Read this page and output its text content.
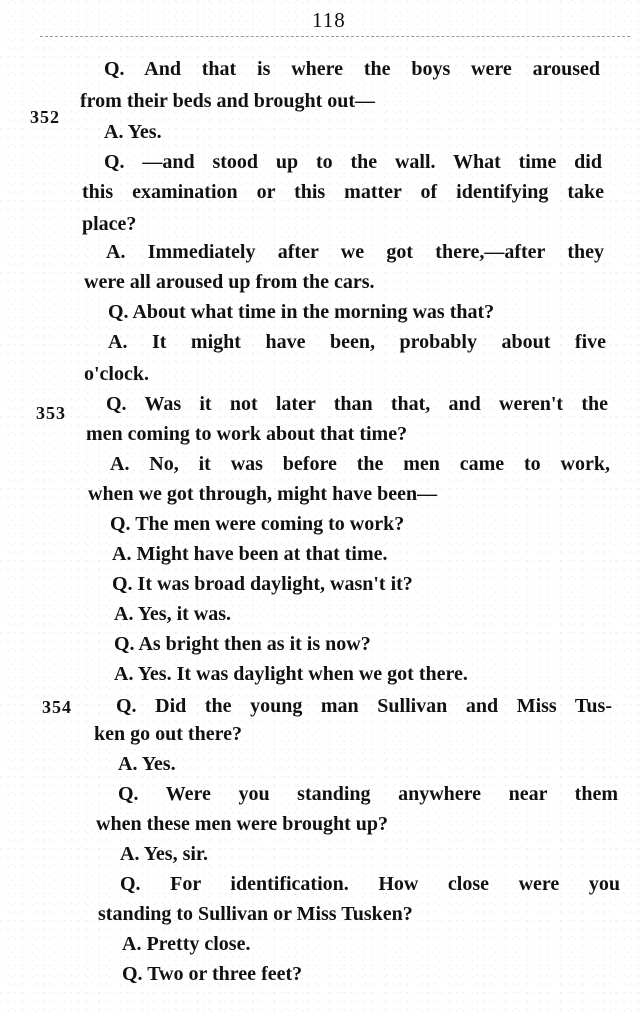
118
352
353
354
Q. And that is where the boys were aroused
from their beds and brought out—
A. Yes.
Q. —and stood up to the wall. What time did
this examination or this matter of identifying take
place?
A. Immediately after we got there,—after they
were all aroused up from the cars.
Q. About what time in the morning was that?
A. It might have been, probably about five
o'clock.
Q. Was it not later than that, and weren't the
men coming to work about that time?
A. No, it was before the men came to work,
when we got through, might have been—
Q. The men were coming to work?
A. Might have been at that time.
Q. It was broad daylight, wasn't it?
A. Yes, it was.
Q. As bright then as it is now?
A. Yes. It was daylight when we got there.
Q. Did the young man Sullivan and Miss Tus-
ken go out there?
A. Yes.
Q. Were you standing anywhere near them
when these men were brought up?
A. Yes, sir.
Q. For identification. How close were you
standing to Sullivan or Miss Tusken?
A. Pretty close.
Q. Two or three feet?
